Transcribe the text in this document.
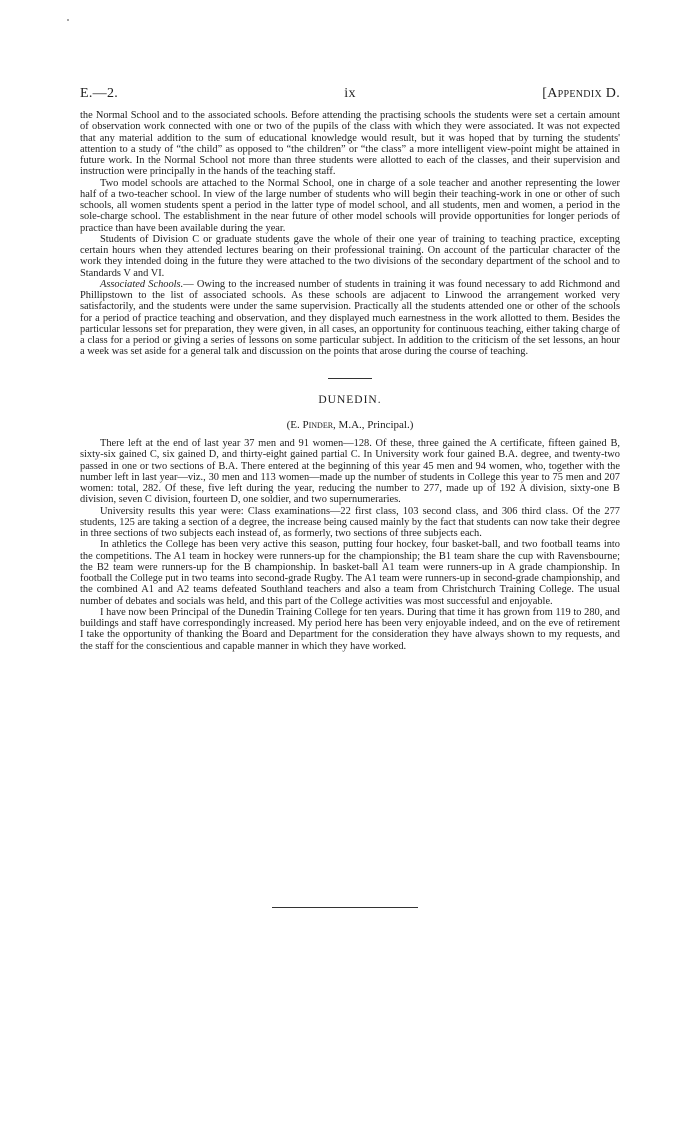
E.—2.	ix	[Appendix D.

the Normal School and to the associated schools. Before attending the practising schools the students were set a certain amount of observation work connected with one or two of the pupils of the class with which they were associated. It was not expected that any material addition to the sum of educational knowledge would result, but it was hoped that by turning the students' attention to a study of “the child” as opposed to “the children” or “the class” a more intelligent view-point might be attained in future work. In the Normal School not more than three students were allotted to each of the classes, and their supervision and instruction were principally in the hands of the teaching staff.

Two model schools are attached to the Normal School, one in charge of a sole teacher and another representing the lower half of a two-teacher school. In view of the large number of students who will begin their teaching-work in one or other of such schools, all women students spent a period in the latter type of model school, and all students, men and women, a period in the sole-charge school. The establishment in the near future of other model schools will provide opportunities for longer periods of practice than have been available during the year.

Students of Division C or graduate students gave the whole of their one year of training to teaching practice, excepting certain hours when they attended lectures bearing on their professional training. On account of the particular character of the work they intended doing in the future they were attached to the two divisions of the secondary department of the school and to Standards V and VI.

Associated Schools.— Owing to the increased number of students in training it was found necessary to add Richmond and Phillipstown to the list of associated schools. As these schools are adjacent to Linwood the arrangement worked very satisfactorily, and the students were under the same supervision. Practically all the students attended one or other of the schools for a period of practice teaching and observation, and they displayed much earnestness in the work allotted to them. Besides the particular lessons set for preparation, they were given, in all cases, an opportunity for continuous teaching, either taking charge of a class for a period or giving a series of lessons on some particular subject. In addition to the criticism of the set lessons, an hour a week was set aside for a general talk and discussion on the points that arose during the course of teaching.

DUNEDIN.
(E. Pinder, M.A., Principal.)

There left at the end of last year 37 men and 91 women—128. Of these, three gained the A certificate, fifteen gained B, sixty-six gained C, six gained D, and thirty-eight gained partial C. In University work four gained B.A. degree, and twenty-two passed in one or two sections of B.A. There entered at the beginning of this year 45 men and 94 women, who, together with the number left in last year—viz., 30 men and 113 women—made up the number of students in College this year to 75 men and 207 women: total, 282. Of these, five left during the year, reducing the number to 277, made up of 192 A division, sixty-one B division, seven C division, fourteen D, one soldier, and two supernumeraries.

University results this year were: Class examinations—22 first class, 103 second class, and 306 third class. Of the 277 students, 125 are taking a section of a degree, the increase being caused mainly by the fact that students can now take their degree in three sections of two subjects each instead of, as formerly, two sections of three subjects each.

In athletics the College has been very active this season, putting four hockey, four basket-ball, and two football teams into the competitions. The A1 team in hockey were runners-up for the championship; the B1 team share the cup with Ravensbourne; the B2 team were runners-up for the B championship. In basket-ball A1 team were runners-up in A grade championship. In football the College put in two teams into second-grade Rugby. The A1 team were runners-up in second-grade championship, and the combined A1 and A2 teams defeated Southland teachers and also a team from Christchurch Training College. The usual number of debates and socials was held, and this part of the College activities was most successful and enjoyable.

I have now been Principal of the Dunedin Training College for ten years. During that time it has grown from 119 to 280, and buildings and staff have correspondingly increased. My period here has been very enjoyable indeed, and on the eve of retirement I take the opportunity of thanking the Board and Department for the consideration they have always shown to my requests, and the staff for the conscientious and capable manner in which they have worked.
